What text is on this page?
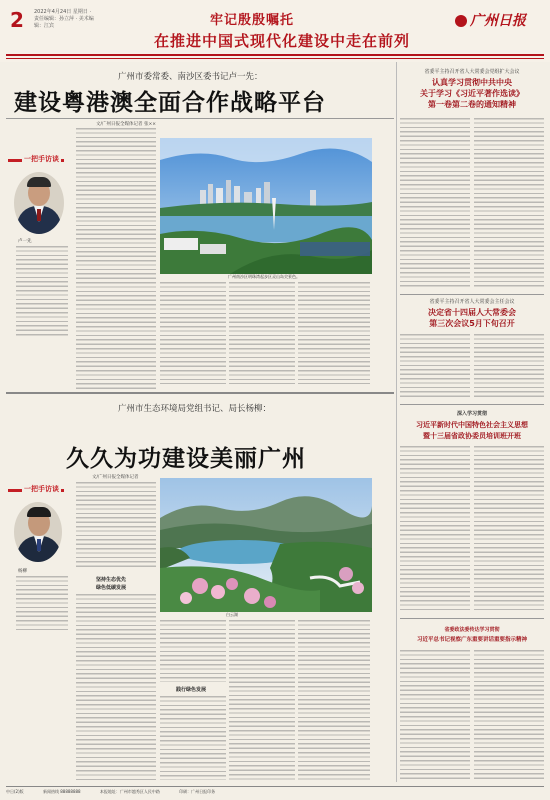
2 2022年4月24日 星期日 · 责任编辑：孙立萍 · 美术编辑：江宾	牢记殷殷嘱托
在推进中国式现代化建设中走在前列
广州日报
广州市委常委、南沙区委书记卢一先：
建设粤港澳全面合作战略平台
一把手访谈
卢一先
文/广州日报全媒体记者 张××
广州南沙区明珠湾起步区灵山岛尖景色。
广州市生态环境局党组书记、局长杨柳：
久久为功建设美丽广州
一把手访谈
杨柳
文/广州日报全媒体记者
坚持生态优先
绿色低碳发展
白云湖
践行绿色发展
省委平主持召开省人大常委会党组扩大会议
认真学习贯彻中共中央
关于学习《习近平著作选读》
第一卷第二卷的通知精神
省委平主持召开省人大常委会主任会议
决定省十四届人大常委会
第三次会议5月下旬召开
深入学习贯彻
习近平新时代中国特色社会主义思想
暨十三届省政协委员培训班开班
省委政法委传达学习贯彻
习近平总书记视察广东重要讲话重要指示精神
中日(2)版	新闻热线 88888888	本报地址：广州市越秀区人民中路	印刷：广州日报印务
